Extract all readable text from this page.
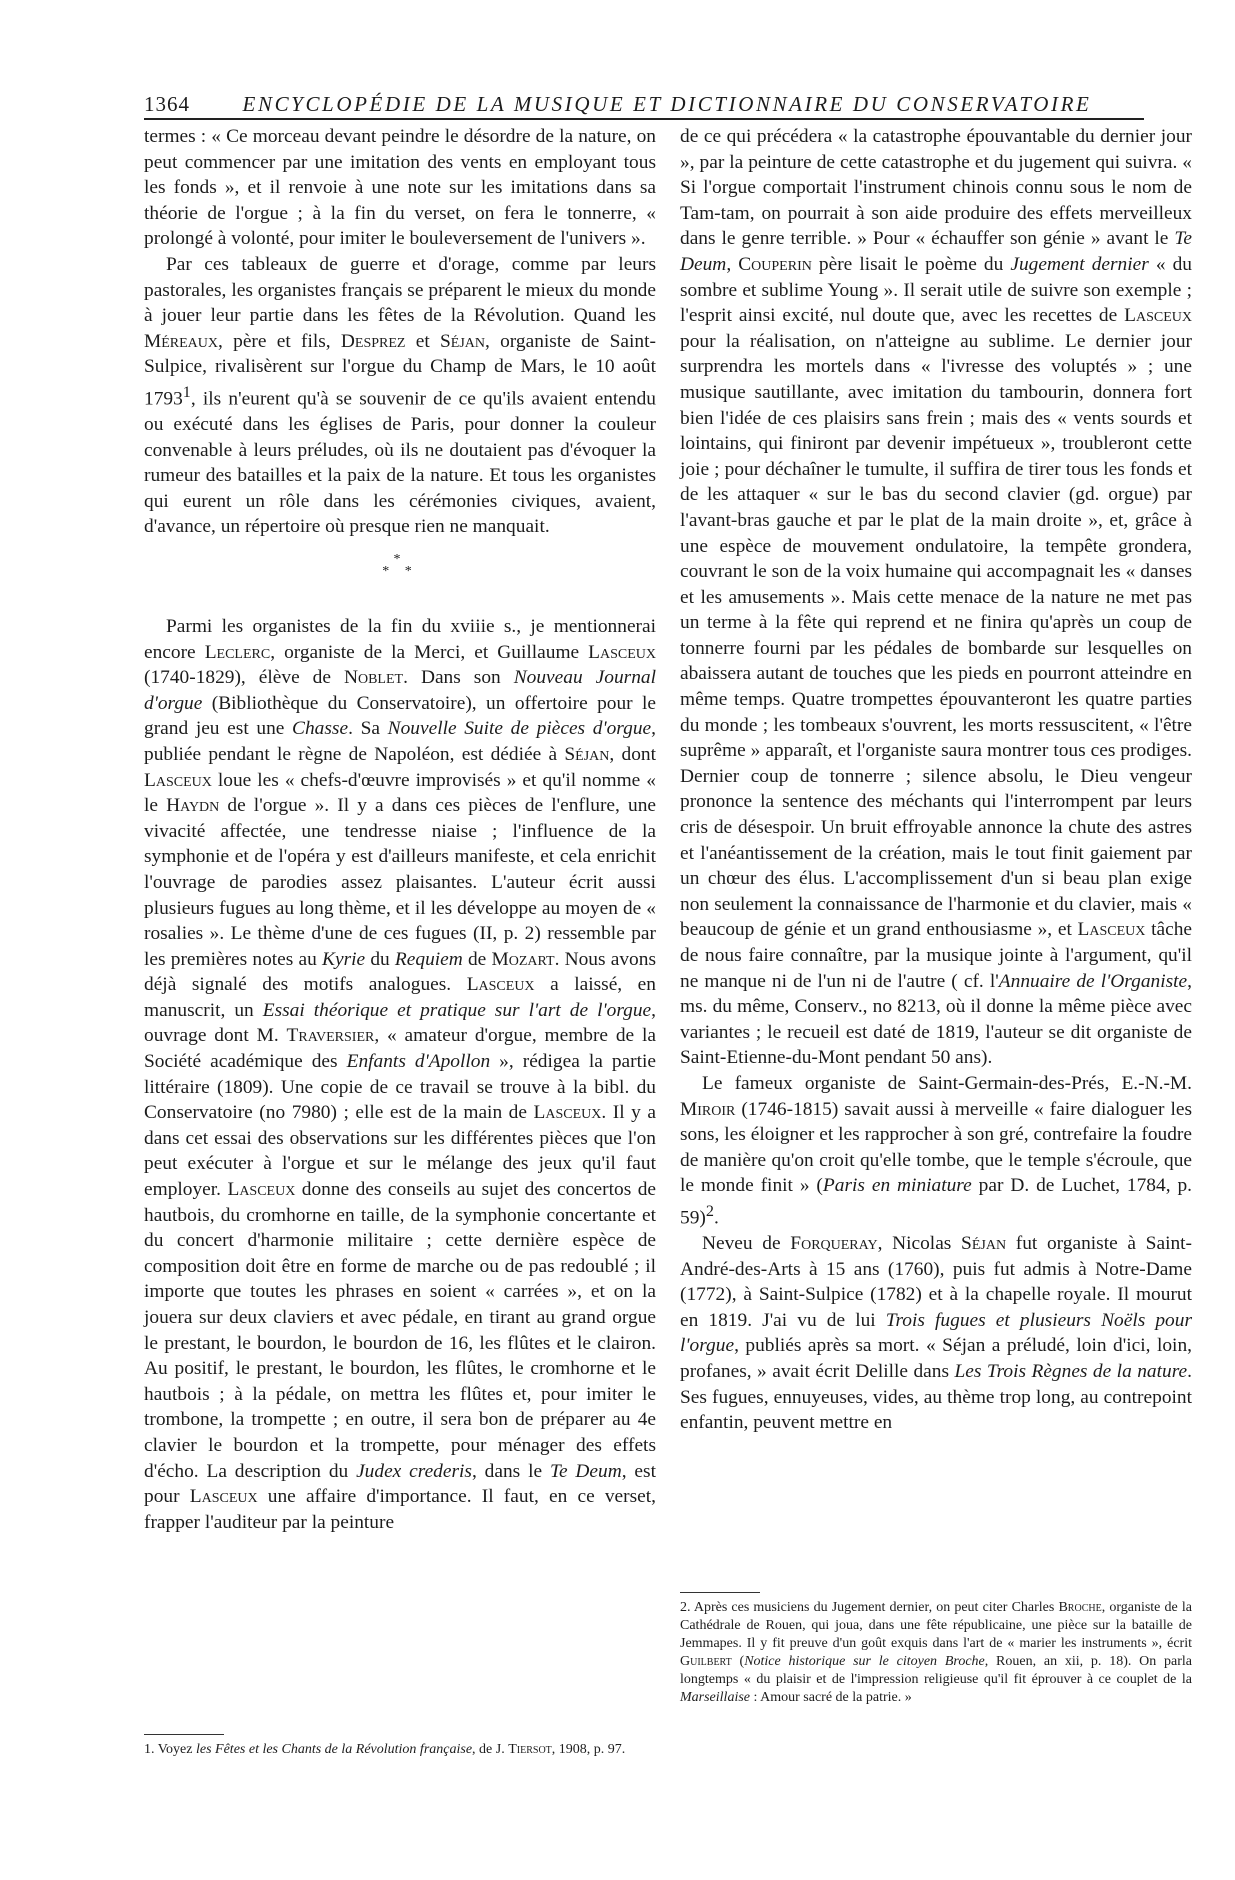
1364	ENCYCLOPÉDIE DE LA MUSIQUE ET DICTIONNAIRE DU CONSERVATOIRE

termes : « Ce morceau devant peindre le désordre de la nature, on peut commencer par une imitation des vents en employant tous les fonds », et il renvoie à une note sur les imitations dans sa théorie de l'orgue ; à la fin du verset, on fera le tonnerre, « prolongé à volonté, pour imiter le bouleversement de l'univers ».

Par ces tableaux de guerre et d'orage, comme par leurs pastorales, les organistes français se préparent le mieux du monde à jouer leur partie dans les fêtes de la Révolution. Quand les Méreaux, père et fils, Desprez et Séjan, organiste de Saint-Sulpice, rivalisèrent sur l'orgue du Champ de Mars, le 10 août 1793$^1$, ils n'eurent qu'à se souvenir de ce qu'ils avaient entendu ou exécuté dans les églises de Paris, pour donner la couleur convenable à leurs préludes, où ils ne doutaient pas d'évoquer la rumeur des batailles et la paix de la nature. Et tous les organistes qui eurent un rôle dans les cérémonies civiques, avaient, d'avance, un répertoire où presque rien ne manquait.

*
* *

Parmi les organistes de la fin du xviiie s., je mentionnerai encore Leclerc, organiste de la Merci, et Guillaume Lasceux (1740-1829), élève de Noblet. Dans son Nouveau Journal d'orgue (Bibliothèque du Conservatoire), un offertoire pour le grand jeu est une Chasse. Sa Nouvelle Suite de pièces d'orgue, publiée pendant le règne de Napoléon, est dédiée à Séjan, dont Lasceux loue les « chefs-d'œuvre improvisés » et qu'il nomme « le Haydn de l'orgue ». Il y a dans ces pièces de l'enflure, une vivacité affectée, une tendresse niaise ; l'influence de la symphonie et de l'opéra y est d'ailleurs manifeste, et cela enrichit l'ouvrage de parodies assez plaisantes. L'auteur écrit aussi plusieurs fugues au long thème, et il les développe au moyen de « rosalies ». Le thème d'une de ces fugues (II, p. 2) ressemble par les premières notes au Kyrie du Requiem de Mozart. Nous avons déjà signalé des motifs analogues. Lasceux a laissé, en manuscrit, un Essai théorique et pratique sur l'art de l'orgue, ouvrage dont M. Traversier, « amateur d'orgue, membre de la Société académique des Enfants d'Apollon », rédigea la partie littéraire (1809). Une copie de ce travail se trouve à la bibl. du Conservatoire (no 7980) ; elle est de la main de Lasceux. Il y a dans cet essai des observations sur les différentes pièces que l'on peut exécuter à l'orgue et sur le mélange des jeux qu'il faut employer. Lasceux donne des conseils au sujet des concertos de hautbois, du cromhorne en taille, de la symphonie concertante et du concert d'harmonie militaire ; cette dernière espèce de composition doit être en forme de marche ou de pas redoublé ; il importe que toutes les phrases en soient « carrées », et on la jouera sur deux claviers et avec pédale, en tirant au grand orgue le prestant, le bourdon, le bourdon de 16, les flûtes et le clairon. Au positif, le prestant, le bourdon, les flûtes, le cromhorne et le hautbois ; à la pédale, on mettra les flûtes et, pour imiter le trombone, la trompette ; en outre, il sera bon de préparer au 4e clavier le bourdon et la trompette, pour ménager des effets d'écho. La description du Judex crederis, dans le Te Deum, est pour Lasceux une affaire d'importance. Il faut, en ce verset, frapper l'auditeur par la peinture

1. Voyez les Fêtes et les Chants de la Révolution française, de J. Tiersot, 1908, p. 97.

de ce qui précédera « la catastrophe épouvantable du dernier jour », par la peinture de cette catastrophe et du jugement qui suivra. « Si l'orgue comportait l'instrument chinois connu sous le nom de Tam-tam, on pourrait à son aide produire des effets merveilleux dans le genre terrible. » Pour « échauffer son génie » avant le Te Deum, Couperin père lisait le poème du Jugement dernier « du sombre et sublime Young ». Il serait utile de suivre son exemple ; l'esprit ainsi excité, nul doute que, avec les recettes de Lasceux pour la réalisation, on n'atteigne au sublime. Le dernier jour surprendra les mortels dans « l'ivresse des voluptés » ; une musique sautillante, avec imitation du tambourin, donnera fort bien l'idée de ces plaisirs sans frein ; mais des « vents sourds et lointains, qui finiront par devenir impétueux », troubleront cette joie ; pour déchaîner le tumulte, il suffira de tirer tous les fonds et de les attaquer « sur le bas du second clavier (gd. orgue) par l'avant-bras gauche et par le plat de la main droite », et, grâce à une espèce de mouvement ondulatoire, la tempête grondera, couvrant le son de la voix humaine qui accompagnait les « danses et les amusements ». Mais cette menace de la nature ne met pas un terme à la fête qui reprend et ne finira qu'après un coup de tonnerre fourni par les pédales de bombarde sur lesquelles on abaissera autant de touches que les pieds en pourront atteindre en même temps. Quatre trompettes épouvanteront les quatre parties du monde ; les tombeaux s'ouvrent, les morts ressuscitent, « l'être suprême » apparaît, et l'organiste saura montrer tous ces prodiges. Dernier coup de tonnerre ; silence absolu, le Dieu vengeur prononce la sentence des méchants qui l'interrompent par leurs cris de désespoir. Un bruit effroyable annonce la chute des astres et l'anéantissement de la création, mais le tout finit gaiement par un chœur des élus. L'accomplissement d'un si beau plan exige non seulement la connaissance de l'harmonie et du clavier, mais « beaucoup de génie et un grand enthousiasme », et Lasceux tâche de nous faire connaître, par la musique jointe à l'argument, qu'il ne manque ni de l'un ni de l'autre ( cf. l'Annuaire de l'Organiste, ms. du même, Conserv., no 8213, où il donne la même pièce avec variantes ; le recueil est daté de 1819, l'auteur se dit organiste de Saint-Etienne-du-Mont pendant 50 ans).

Le fameux organiste de Saint-Germain-des-Prés, E.-N.-M. Miroir (1746-1815) savait aussi à merveille « faire dialoguer les sons, les éloigner et les rapprocher à son gré, contrefaire la foudre de manière qu'on croit qu'elle tombe, que le temple s'écroule, que le monde finit » (Paris en miniature par D. de Luchet, 1784, p. 59)$^2$.

Neveu de Forqueray, Nicolas Séjan fut organiste à Saint-André-des-Arts à 15 ans (1760), puis fut admis à Notre-Dame (1772), à Saint-Sulpice (1782) et à la chapelle royale. Il mourut en 1819. J'ai vu de lui Trois fugues et plusieurs Noëls pour l'orgue, publiés après sa mort. « Séjan a préludé, loin d'ici, loin, profanes, » avait écrit Delille dans Les Trois Règnes de la nature. Ses fugues, ennuyeuses, vides, au thème trop long, au contrepoint enfantin, peuvent mettre en

2. Après ces musiciens du Jugement dernier, on peut citer Charles Broche, organiste de la Cathédrale de Rouen, qui joua, dans une fête républicaine, une pièce sur la bataille de Jemmapes. Il y fit preuve d'un goût exquis dans l'art de « marier les instruments », écrit Guilbert (Notice historique sur le citoyen Broche, Rouen, an xii, p. 18). On parla longtemps « du plaisir et de l'impression religieuse qu'il fit éprouver à ce couplet de la Marseillaise : Amour sacré de la patrie. »
